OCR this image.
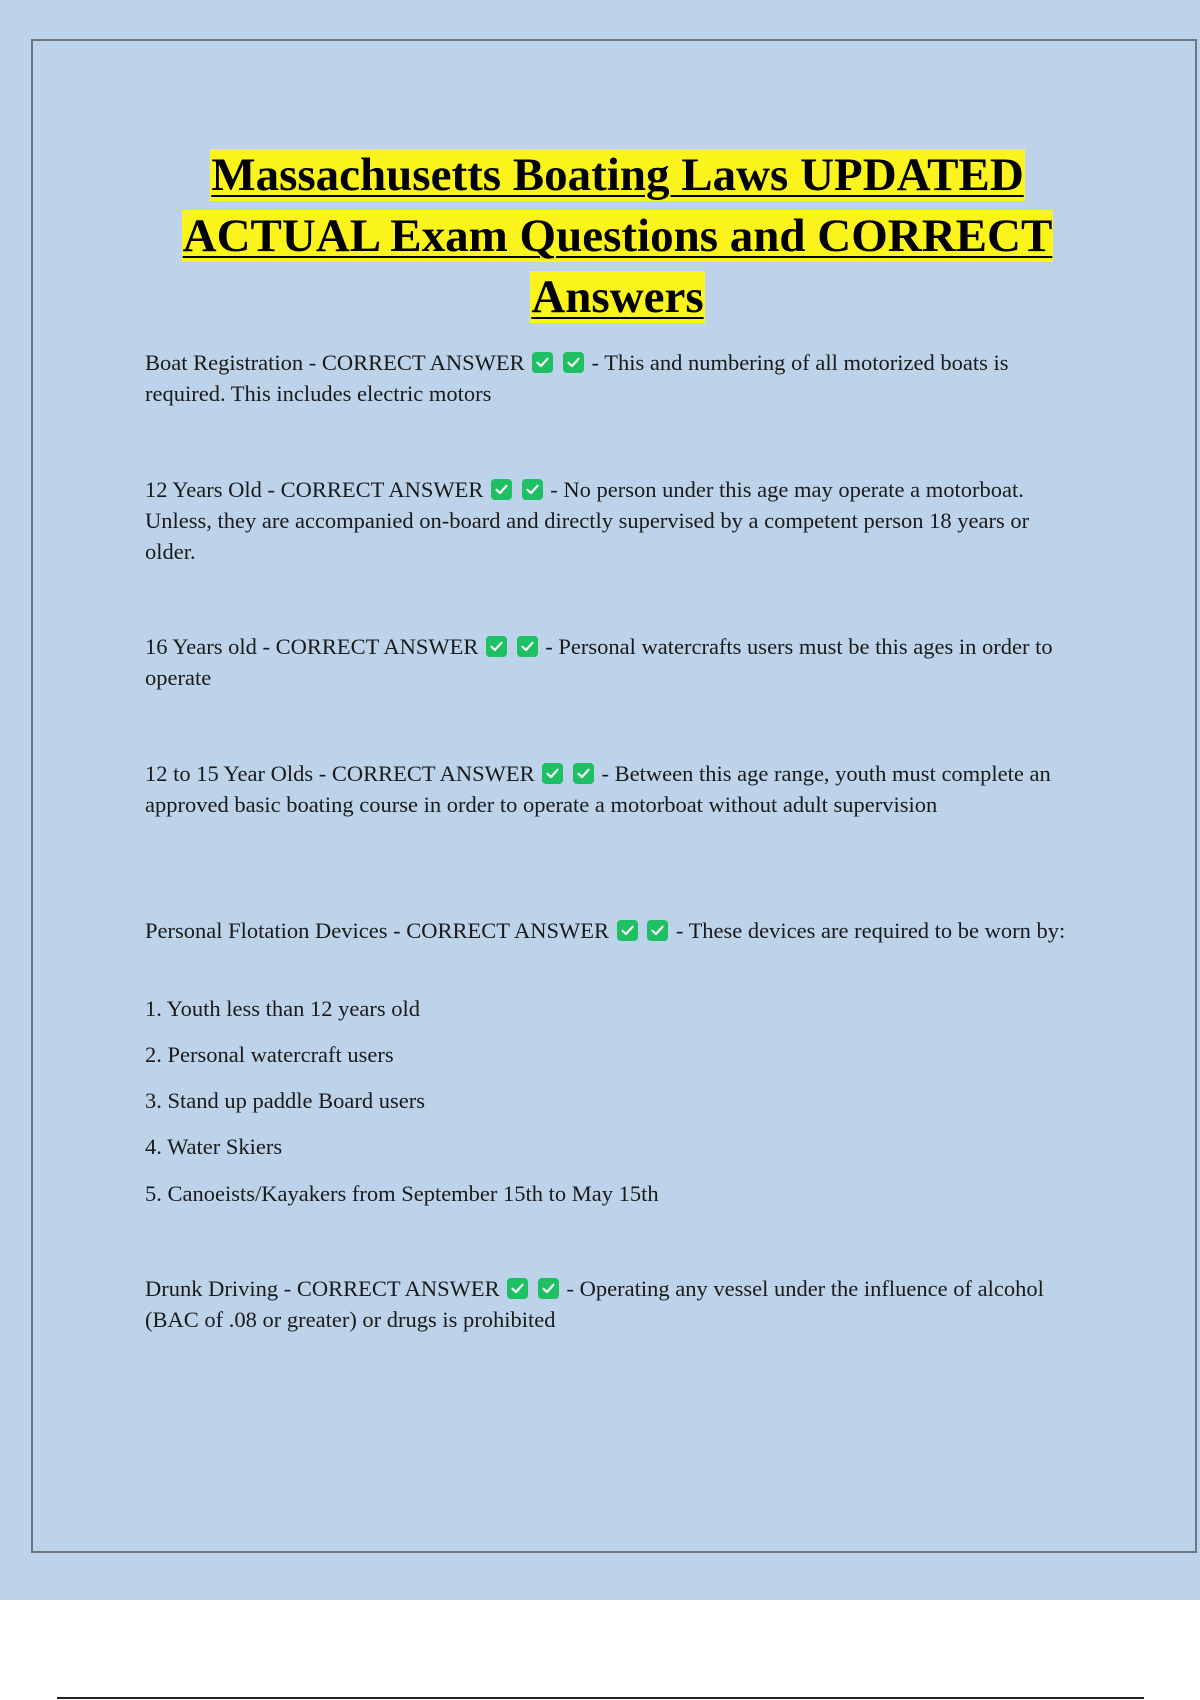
Massachusetts Boating Laws UPDATED
ACTUAL Exam Questions and CORRECT
Answers
Boat Registration - CORRECT ANSWER
	- This and numbering of all motorized boats is required. This includes electric motors
12 Years Old - CORRECT ANSWER
	- No person under this age may operate a motorboat. Unless, they are accompanied on-board and directly supervised by a competent person 18 years or older.
16 Years old - CORRECT ANSWER
	- Personal watercrafts users must be this ages in order to operate
12 to 15 Year Olds - CORRECT ANSWER
	- Between this age range, youth must complete an approved basic boating course in order to operate a motorboat without adult supervision
Personal Flotation Devices - CORRECT ANSWER
	- These devices are required to be worn by:
1. Youth less than 12 years old
2. Personal watercraft users
3. Stand up paddle Board users
4. Water Skiers
5. Canoeists/Kayakers from September 15th to May 15th
Drunk Driving - CORRECT ANSWER
	- Operating any vessel under the influence of alcohol (BAC of .08 or greater) or drugs is prohibited
